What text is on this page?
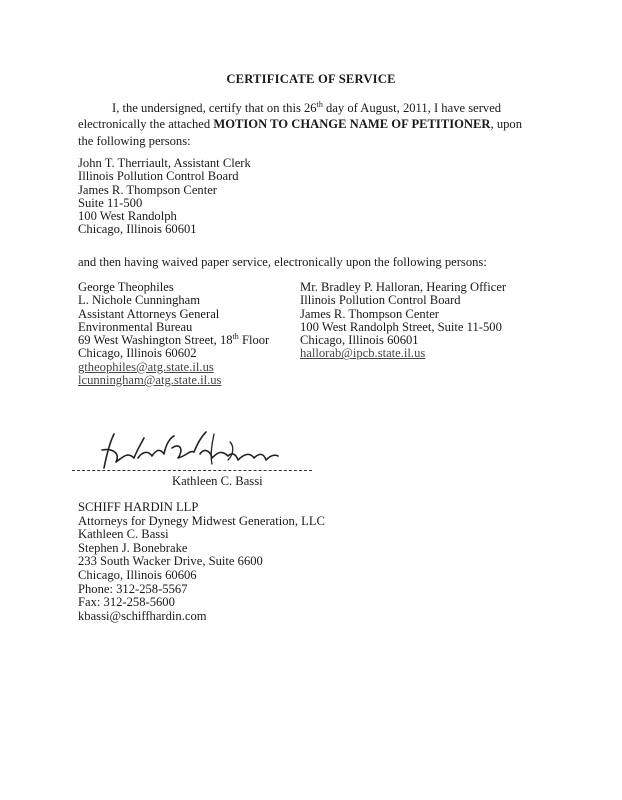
CERTIFICATE OF SERVICE
I, the undersigned, certify that on this 26th day of August, 2011, I have served electronically the attached MOTION TO CHANGE NAME OF PETITIONER, upon the following persons:
John T. Therriault, Assistant Clerk
Illinois Pollution Control Board
James R. Thompson Center
Suite 11-500
100 West Randolph
Chicago, Illinois 60601
and then having waived paper service, electronically upon the following persons:
George Theophiles
L. Nichole Cunningham
Assistant Attorneys General
Environmental Bureau
69 West Washington Street, 18th Floor
Chicago, Illinois 60602
gtheophiles@atg.state.il.us
lcunningham@atg.state.il.us
Mr. Bradley P. Halloran, Hearing Officer
Illinois Pollution Control Board
James R. Thompson Center
100 West Randolph Street, Suite 11-500
Chicago, Illinois 60601
hallorab@ipcb.state.il.us
Kathleen C. Bassi
SCHIFF HARDIN LLP
Attorneys for Dynegy Midwest Generation, LLC
Kathleen C. Bassi
Stephen J. Bonebrake
233 South Wacker Drive, Suite 6600
Chicago, Illinois 60606
Phone: 312-258-5567
Fax: 312-258-5600
kbassi@schiffhardin.com
